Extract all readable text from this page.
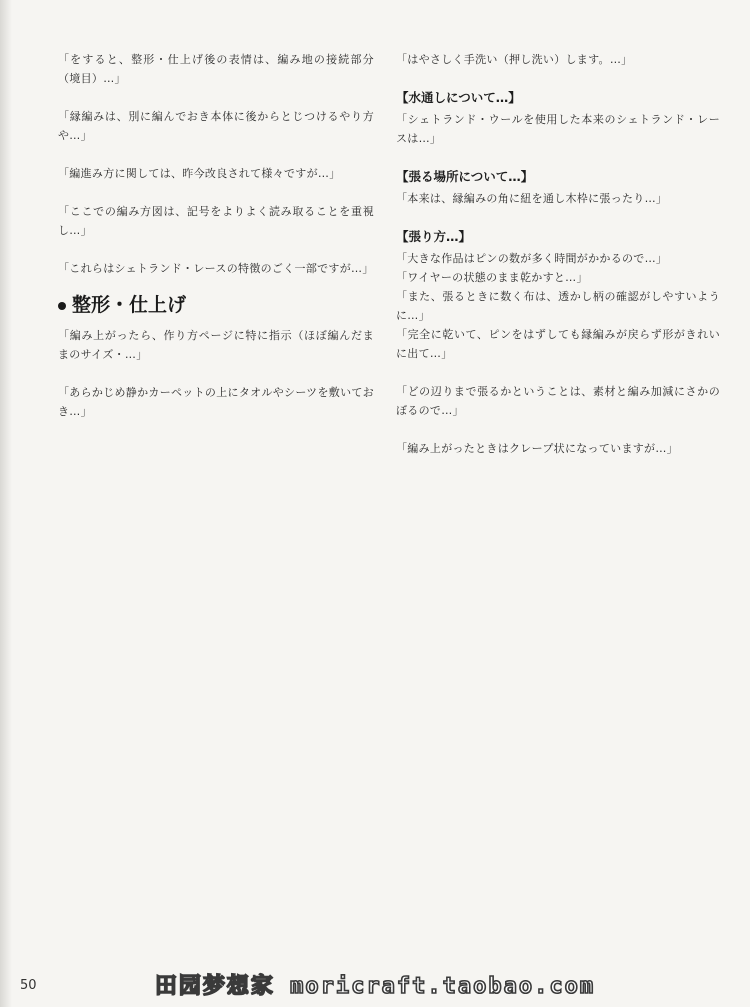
「をすると、整形・仕上げ後の表情は、編み地の接続部分（境目）…」
「縁編みは、別に編んでおき本体に後からとじつけるやり方や…」
「編進み方に関しては、昨今改良されて様々ですが…」
「ここでの編み方図は、記号をよりよく読み取ることを重視し…」
「これらはシェトランド・レースの特徴のごく一部ですが…」
整形・仕上げ
「編み上がったら、作り方ページに特に指示（ほぼ編んだままのサイズ・…」
「あらかじめ静かカーペットの上にタオルやシーツを敷いておき…」
「はやさしく手洗い（押し洗い）します。…」
【水通しについて…】
「シェトランド・ウールを使用した本来のシェトランド・レースは…」
【張る場所について…】
「本来は、縁編みの角に紐を通し木枠に張ったり…」
【張り方…】
「大きな作品はピンの数が多く時間がかかるので…」
「ワイヤーの状態のまま乾かすと…」
「また、張るときに数く布は、透かし柄の確認がしやすいように…」
「完全に乾いて、ピンをはずしても縁編みが戻らず形がきれいに出て…」
「どの辺りまで張るかということは、素材と編み加減にさかのぼるので…」
「編み上がったときはクレープ状になっていますが…」
50	田园梦想家 moricraft.taobao.com
